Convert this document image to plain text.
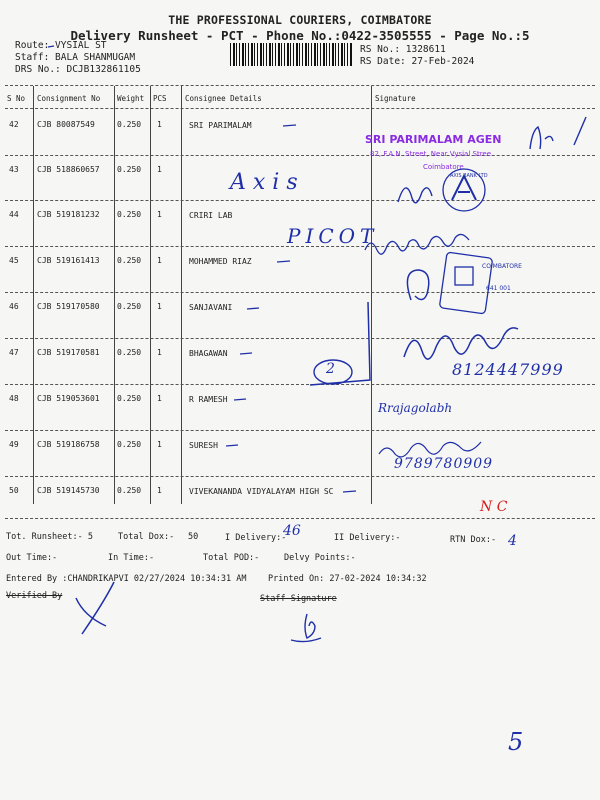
THE PROFESSIONAL COURIERS, COIMBATORE
Delivery Runsheet - PCT - Phone No.:0422-3505555 - Page No.:5
Route: VYSIAL ST
Staff: BALA SHANMUGAM
DRS No.: DCJB132861105
RS No.: 1328611
RS Date: 27-Feb-2024
S No Consignment No Weight PCS Consignee Details	Signature
42 CJB 80087549	0.250 1	SRI PARIMALAM
43 CJB 518860657 0.250 1
44 CJB 519181232 0.250 1	CRIRI LAB
45 CJB 519161413 0.250 1	MOHAMMED RIAZ
46 CJB 519170580 0.250 1	SANJAVANI
47 CJB 519170581 0.250 1	BHAGAWAN
48 CJB 519053601 0.250 1	R RAMESH
49 CJB 519186758 0.250 1	SURESH
50 CJB 519145730 0.250 1	VIVEKANANDA VIDYALAYAM HIGH SC
Axis
PICOT
2	8124447999
Rrajagolabh
9789780909
N C
SRI PARIMALAM AGEN
82, F.A.N. Street, Near Vysial Stree
Coimbatore
AXIS BANK LTD
COIMBATORE
641 001
Tot. Runsheet:- 5	Total Dox:- 50	I Delivery:-
46	II Delivery:-	RTN Dox:- 4
Out Time:-	In Time:-	Total POD:-	Delvy Points:-
Entered By :CHANDRIKAPVI 02/27/2024 10:34:31 AM	Printed On: 27-02-2024 10:34:32
Verified By	Staff Signature
5
